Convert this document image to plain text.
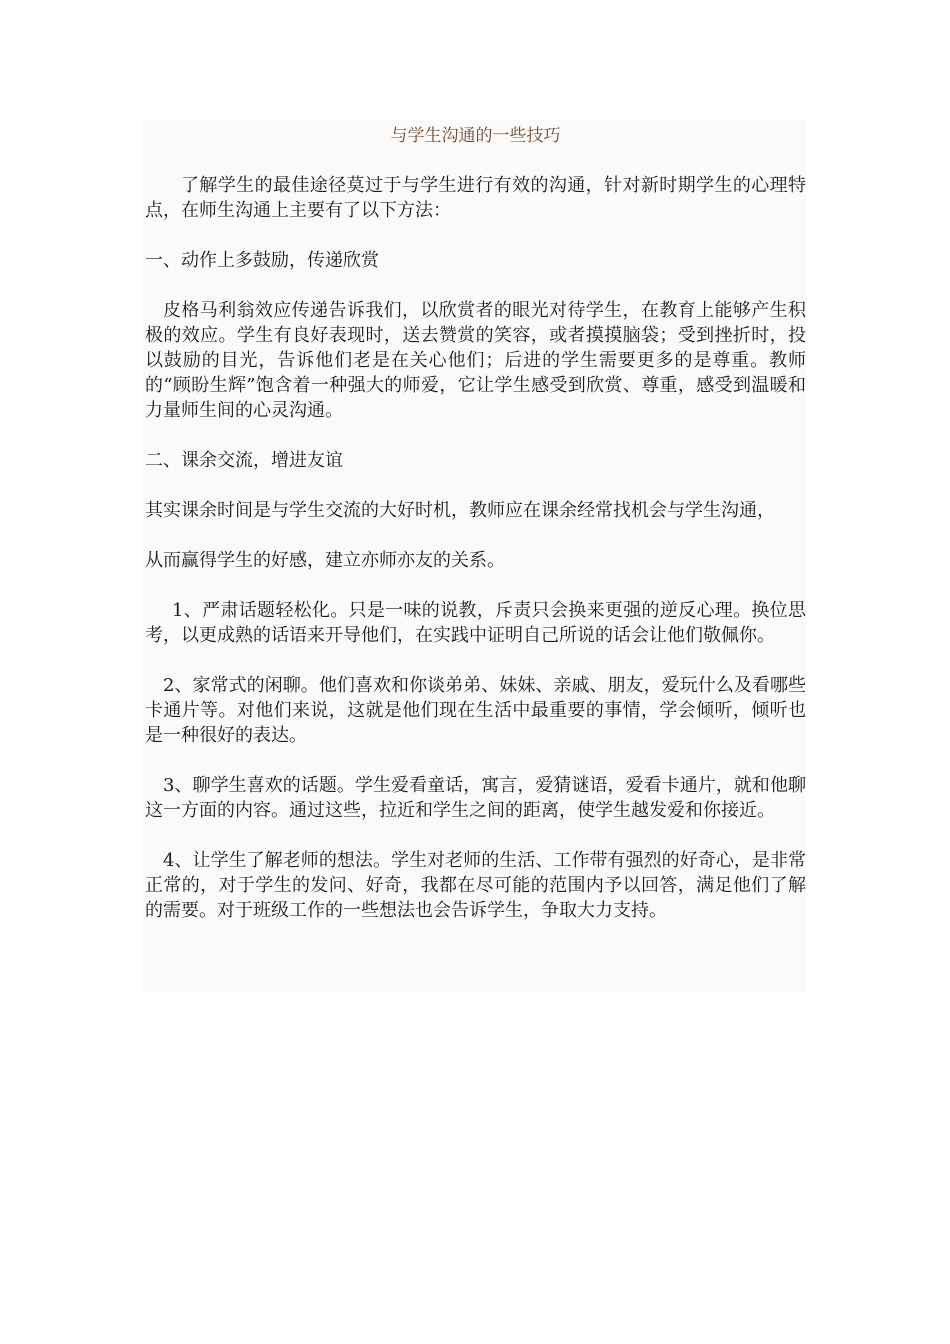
与学生沟通的一些技巧

了解学生的最佳途径莫过于与学生进行有效的沟通，针对新时期学生的心理特点，在师生沟通上主要有了以下方法：

一、动作上多鼓励，传递欣赏

皮格马利翁效应传递告诉我们，以欣赏者的眼光对待学生，在教育上能够产生积极的效应。学生有良好表现时，送去赞赏的笑容，或者摸摸脑袋；受到挫折时，投以鼓励的目光，告诉他们老是在关心他们；后进的学生需要更多的是尊重。教师的“顾盼生辉”饱含着一种强大的师爱，它让学生感受到欣赏、尊重，感受到温暖和力量师生间的心灵沟通。

二、课余交流，增进友谊

其实课余时间是与学生交流的大好时机，教师应在课余经常找机会与学生沟通，

从而赢得学生的好感，建立亦师亦友的关系。

1、严肃话题轻松化。只是一味的说教，斥责只会换来更强的逆反心理。换位思考，以更成熟的话语来开导他们，在实践中证明自己所说的话会让他们敬佩你。

2、家常式的闲聊。他们喜欢和你谈弟弟、妹妹、亲戚、朋友，爱玩什么及看哪些卡通片等。对他们来说，这就是他们现在生活中最重要的事情，学会倾听，倾听也是一种很好的表达。

3、聊学生喜欢的话题。学生爱看童话，寓言，爱猜谜语，爱看卡通片，就和他聊这一方面的内容。通过这些，拉近和学生之间的距离，使学生越发爱和你接近。

4、让学生了解老师的想法。学生对老师的生活、工作带有强烈的好奇心，是非常正常的，对于学生的发问、好奇，我都在尽可能的范围内予以回答，满足他们了解的需要。对于班级工作的一些想法也会告诉学生，争取大力支持。
